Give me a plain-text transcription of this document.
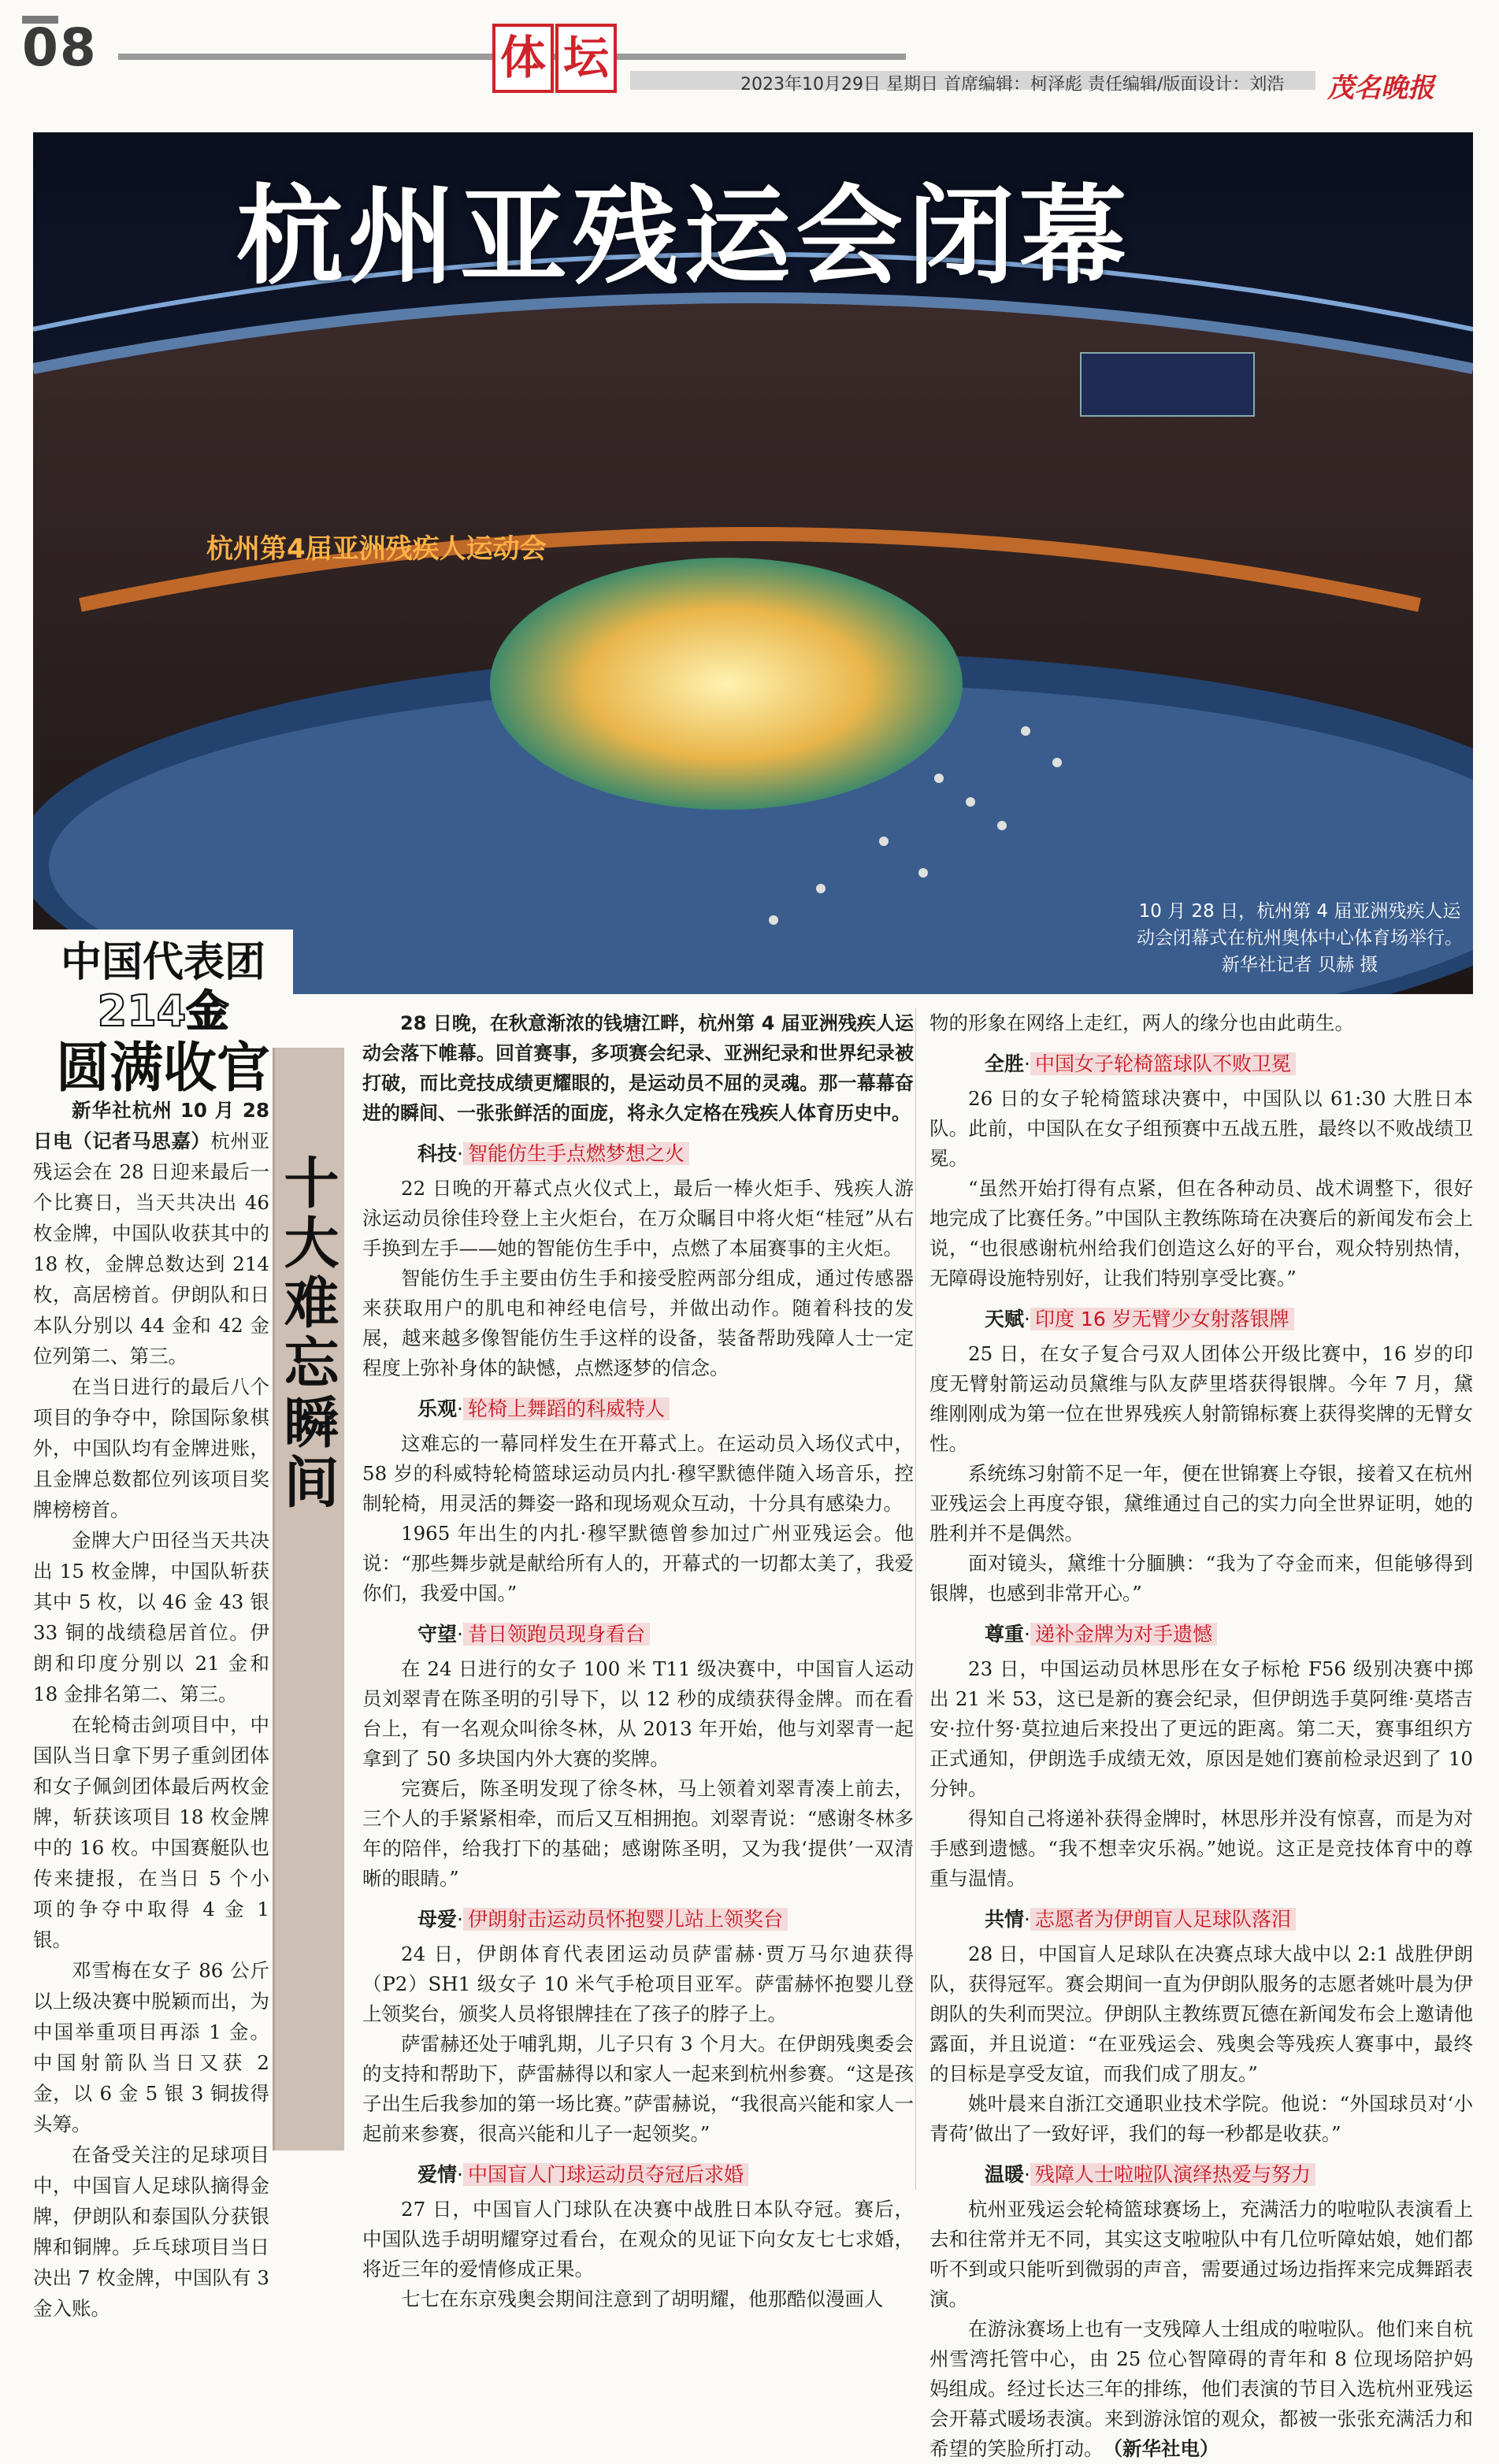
08	体 坛
2023年10月29日 星期日 首席编辑：柯泽彪 责任编辑/版面设计：刘浩 茂名晚报
杭州第4届亚洲残疾人运动会
杭州亚残运会闭幕
10 月 28 日，杭州第 4 届亚洲残疾人运
动会闭幕式在杭州奥体中心体育场举行。
新华社记者 贝赫 摄
中国代表团
214金
圆满收官

新华社杭州 10 月 28 日电（记者马思嘉）杭州亚残运会在 28 日迎来最后一个比赛日，当天共决出 46 枚金牌，中国队收获其中的 18 枚，金牌总数达到 214 枚，高居榜首。伊朗队和日本队分别以 44 金和 42 金位列第二、第三。

在当日进行的最后八个项目的争夺中，除国际象棋外，中国队均有金牌进账，且金牌总数都位列该项目奖牌榜榜首。

金牌大户田径当天共决出 15 枚金牌，中国队斩获其中 5 枚，以 46 金 43 银 33 铜的战绩稳居首位。伊朗和印度分别以 21 金和 18 金排名第二、第三。

在轮椅击剑项目中，中国队当日拿下男子重剑团体和女子佩剑团体最后两枚金牌，斩获该项目 18 枚金牌中的 16 枚。中国赛艇队也传来捷报，在当日 5 个小项的争夺中取得 4 金 1 银。

邓雪梅在女子 86 公斤以上级决赛中脱颖而出，为中国举重项目再添 1 金。中国射箭队当日又获 2 金，以 6 金 5 银 3 铜拔得头筹。

在备受关注的足球项目中，中国盲人足球队摘得金牌，伊朗队和泰国队分获银牌和铜牌。乒乓球项目当日决出 7 枚金牌，中国队有 3 金入账。

十大难忘瞬间

28 日晚，在秋意渐浓的钱塘江畔，杭州第 4 届亚洲残疾人运动会落下帷幕。回首赛事，多项赛会纪录、亚洲纪录和世界纪录被打破，而比竞技成绩更耀眼的，是运动员不屈的灵魂。那一幕幕奋进的瞬间、一张张鲜活的面庞，将永久定格在残疾人体育历史中。

科技· 智能仿生手点燃梦想之火

22 日晚的开幕式点火仪式上，最后一棒火炬手、残疾人游泳运动员徐佳玲登上主火炬台，在万众瞩目中将火炬“桂冠”从右手换到左手——她的智能仿生手中，点燃了本届赛事的主火炬。

智能仿生手主要由仿生手和接受腔两部分组成，通过传感器来获取用户的肌电和神经电信号，并做出动作。随着科技的发展，越来越多像智能仿生手这样的设备，装备帮助残障人士一定程度上弥补身体的缺憾，点燃逐梦的信念。

乐观· 轮椅上舞蹈的科威特人

这难忘的一幕同样发生在开幕式上。在运动员入场仪式中，58 岁的科威特轮椅篮球运动员内扎·穆罕默德伴随入场音乐，控制轮椅，用灵活的舞姿一路和现场观众互动，十分具有感染力。

1965 年出生的内扎·穆罕默德曾参加过广州亚残运会。他说：“那些舞步就是献给所有人的，开幕式的一切都太美了，我爱你们，我爱中国。”

守望· 昔日领跑员现身看台

在 24 日进行的女子 100 米 T11 级决赛中，中国盲人运动员刘翠青在陈圣明的引导下，以 12 秒的成绩获得金牌。而在看台上，有一名观众叫徐冬林，从 2013 年开始，他与刘翠青一起拿到了 50 多块国内外大赛的奖牌。

完赛后，陈圣明发现了徐冬林，马上领着刘翠青凑上前去，三个人的手紧紧相牵，而后又互相拥抱。刘翠青说：“感谢冬林多年的陪伴，给我打下的基础；感谢陈圣明，又为我‘提供’一双清晰的眼睛。”

母爱· 伊朗射击运动员怀抱婴儿站上领奖台

24 日，伊朗体育代表团运动员萨雷赫·贾万马尔迪获得（P2）SH1 级女子 10 米气手枪项目亚军。萨雷赫怀抱婴儿登上领奖台，颁奖人员将银牌挂在了孩子的脖子上。

萨雷赫还处于哺乳期，儿子只有 3 个月大。在伊朗残奥委会的支持和帮助下，萨雷赫得以和家人一起来到杭州参赛。“这是孩子出生后我参加的第一场比赛。”萨雷赫说，“我很高兴能和家人一起前来参赛，很高兴能和儿子一起领奖。”

爱情· 中国盲人门球运动员夺冠后求婚

27 日，中国盲人门球队在决赛中战胜日本队夺冠。赛后，中国队选手胡明耀穿过看台，在观众的见证下向女友七七求婚，将近三年的爱情修成正果。

七七在东京残奥会期间注意到了胡明耀，他那酷似漫画人

物的形象在网络上走红，两人的缘分也由此萌生。

全胜· 中国女子轮椅篮球队不败卫冕

26 日的女子轮椅篮球决赛中，中国队以 61:30 大胜日本队。此前，中国队在女子组预赛中五战五胜，最终以不败战绩卫冕。

“虽然开始打得有点紧，但在各种动员、战术调整下，很好地完成了比赛任务。”中国队主教练陈琦在决赛后的新闻发布会上说，“也很感谢杭州给我们创造这么好的平台，观众特别热情，无障碍设施特别好，让我们特别享受比赛。”

天赋· 印度 16 岁无臂少女射落银牌

25 日，在女子复合弓双人团体公开级比赛中，16 岁的印度无臂射箭运动员黛维与队友萨里塔获得银牌。今年 7 月，黛维刚刚成为第一位在世界残疾人射箭锦标赛上获得奖牌的无臂女性。

系统练习射箭不足一年，便在世锦赛上夺银，接着又在杭州亚残运会上再度夺银，黛维通过自己的实力向全世界证明，她的胜利并不是偶然。

面对镜头，黛维十分腼腆：“我为了夺金而来，但能够得到银牌，也感到非常开心。”

尊重· 递补金牌为对手遗憾

23 日，中国运动员林思彤在女子标枪 F56 级别决赛中掷出 21 米 53，这已是新的赛会纪录，但伊朗选手莫阿维·莫塔吉安·拉什努·莫拉迪后来投出了更远的距离。第二天，赛事组织方正式通知，伊朗选手成绩无效，原因是她们赛前检录迟到了 10 分钟。

得知自己将递补获得金牌时，林思彤并没有惊喜，而是为对手感到遗憾。“我不想幸灾乐祸。”她说。这正是竞技体育中的尊重与温情。

共情· 志愿者为伊朗盲人足球队落泪

28 日，中国盲人足球队在决赛点球大战中以 2:1 战胜伊朗队，获得冠军。赛会期间一直为伊朗队服务的志愿者姚叶晨为伊朗队的失利而哭泣。伊朗队主教练贾瓦德在新闻发布会上邀请他露面，并且说道：“在亚残运会、残奥会等残疾人赛事中，最终的目标是享受友谊，而我们成了朋友。”

姚叶晨来自浙江交通职业技术学院。他说：“外国球员对‘小青荷’做出了一致好评，我们的每一秒都是收获。”

温暖· 残障人士啦啦队演绎热爱与努力

杭州亚残运会轮椅篮球赛场上，充满活力的啦啦队表演看上去和往常并无不同，其实这支啦啦队中有几位听障姑娘，她们都听不到或只能听到微弱的声音，需要通过场边指挥来完成舞蹈表演。

在游泳赛场上也有一支残障人士组成的啦啦队。他们来自杭州雪湾托管中心，由 25 位心智障碍的青年和 8 位现场陪护妈妈组成。经过长达三年的排练，他们表演的节目入选杭州亚残运会开幕式暖场表演。来到游泳馆的观众，都被一张张充满活力和希望的笑脸所打动。　 （新华社电）
